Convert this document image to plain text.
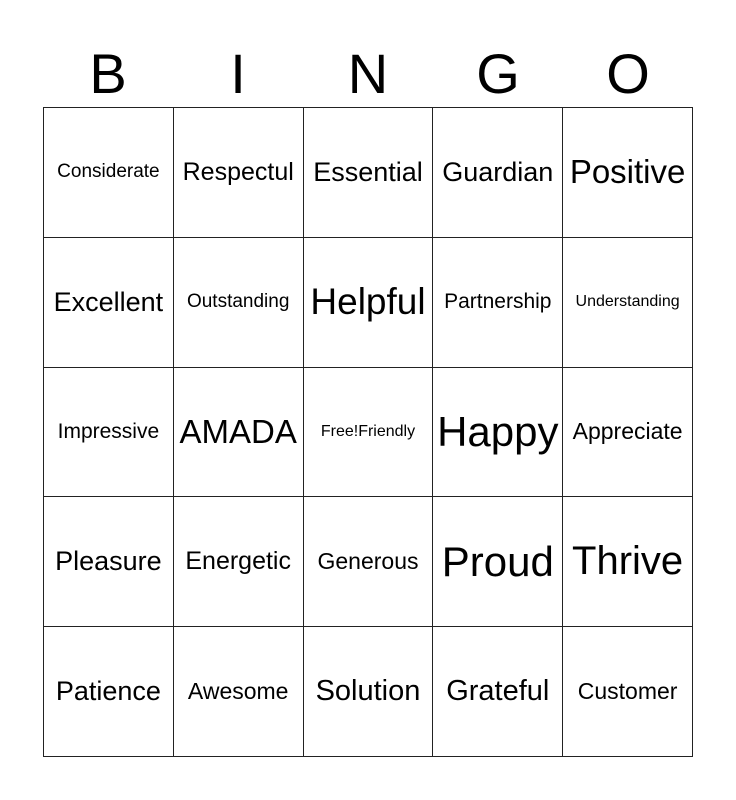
B	I	N	G	O
Considerate	Respectul	Essential	Guardian	Positive
Excellent	Outstanding	Helpful	Partnership	Understanding
Impressive	AMADA	Free!Friendly	Happy	Appreciate
Pleasure	Energetic	Generous	Proud	Thrive
Patience	Awesome	Solution	Grateful	Customer
